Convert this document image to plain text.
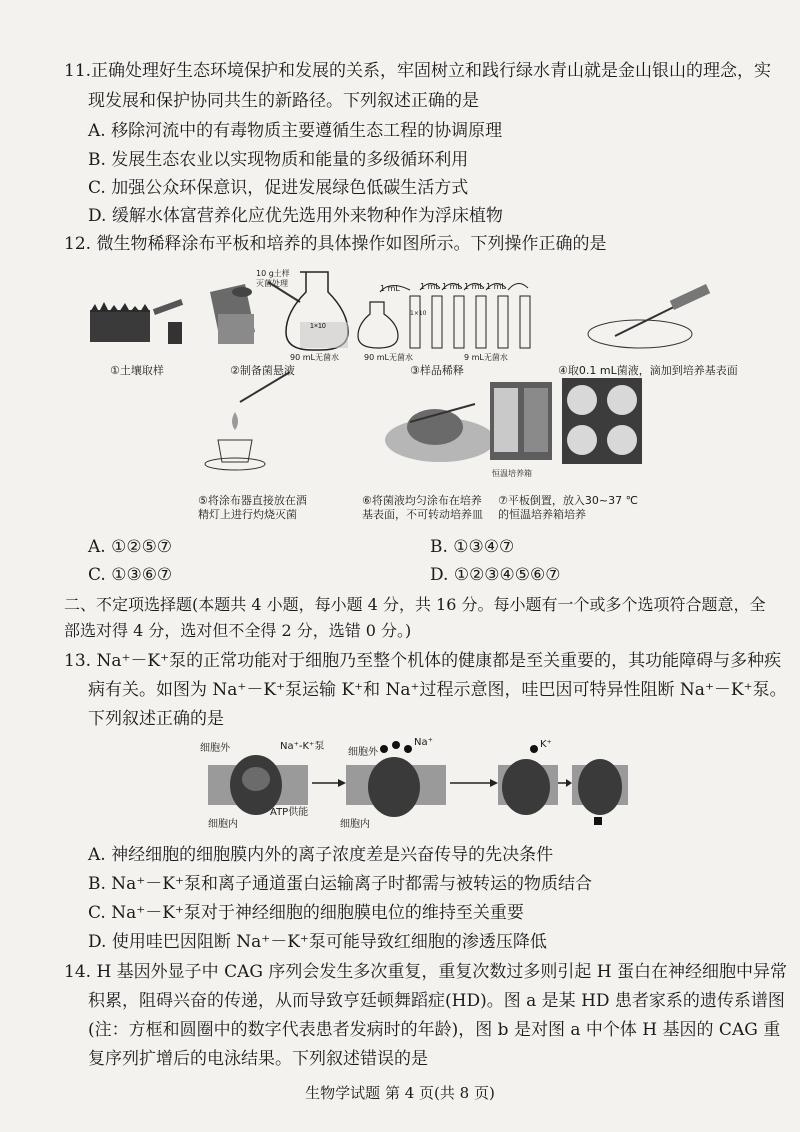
11.正确处理好生态环境保护和发展的关系，牢固树立和践行绿水青山就是金山银山的理念，实
现发展和保护协同共生的新路径。下列叙述正确的是
A. 移除河流中的有毒物质主要遵循生态工程的协调原理
B. 发展生态农业以实现物质和能量的多级循环利用
C. 加强公众环保意识，促进发展绿色低碳生活方式
D. 缓解水体富营养化应优先选用外来物种作为浮床植物
12. 微生物稀释涂布平板和培养的具体操作如图所示。下列操作正确的是
1×10
10 g土样
灭菌处理
90 mL无菌水
1 mL	1 mL 1 mL 1 mL 1 mL
90 mL无菌水	9 mL无菌水
1×10
①土壤取样	②制备菌悬液	③样品稀释	④取0.1 mL菌液，滴加到培养基表面
⑤将涂布器直接放在酒
精灯上进行灼烧灭菌
⑥将菌液均匀涂布在培养
基表面，不可转动培养皿
⑦平板倒置，放入30~37 ℃
的恒温培养箱培养
恒温培养箱
A. ①②⑤⑦	B. ①③④⑦
C. ①③⑥⑦	D. ①②③④⑤⑥⑦
二、不定项选择题(本题共 4 小题，每小题 4 分，共 16 分。每小题有一个或多个选项符合题意，全
部选对得 4 分，选对但不全得 2 分，选错 0 分。)
13. Na⁺－K⁺泵的正常功能对于细胞乃至整个机体的健康都是至关重要的，其功能障碍与多种疾
病有关。如图为 Na⁺－K⁺泵运输 K⁺和 Na⁺过程示意图，哇巴因可特异性阻断 Na⁺－K⁺泵。
下列叙述正确的是
细胞外	Na⁺-K⁺泵
细胞外
Na⁺	K⁺
细胞内
ATP供能
细胞内
A. 神经细胞的细胞膜内外的离子浓度差是兴奋传导的先决条件
B. Na⁺－K⁺泵和离子通道蛋白运输离子时都需与被转运的物质结合
C. Na⁺－K⁺泵对于神经细胞的细胞膜电位的维持至关重要
D. 使用哇巴因阻断 Na⁺－K⁺泵可能导致红细胞的渗透压降低
14. H 基因外显子中 CAG 序列会发生多次重复，重复次数过多则引起 H 蛋白在神经细胞中异常
积累，阻碍兴奋的传递，从而导致亨廷顿舞蹈症(HD)。图 a 是某 HD 患者家系的遗传系谱图
(注：方框和圆圈中的数字代表患者发病时的年龄)，图 b 是对图 a 中个体 H 基因的 CAG 重
复序列扩增后的电泳结果。下列叙述错误的是
生物学试题 第 4 页(共 8 页)
